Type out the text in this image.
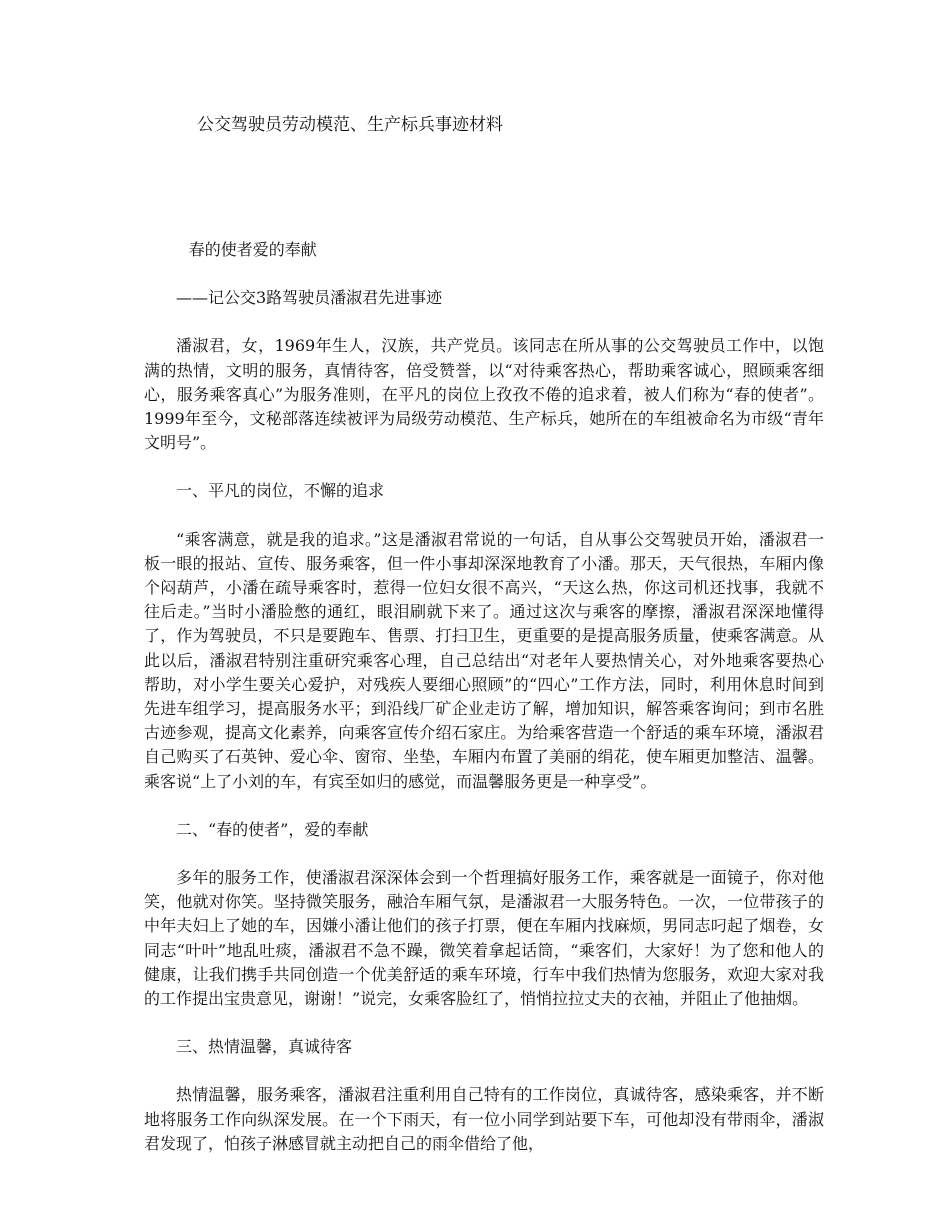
公交驾驶员劳动模范、生产标兵事迹材料

春的使者爱的奉献

——记公交3路驾驶员潘淑君先进事迹

潘淑君，女，1969年生人，汉族，共产党员。该同志在所从事的公交驾驶员工作中，以饱满的热情，文明的服务，真情待客，倍受赞誉，以“对待乘客热心，帮助乘客诚心，照顾乘客细心，服务乘客真心”为服务准则，在平凡的岗位上孜孜不倦的追求着，被人们称为“春的使者”。1999年至今，文秘部落连续被评为局级劳动模范、生产标兵，她所在的车组被命名为市级“青年文明号”。

一、平凡的岗位，不懈的追求

“乘客满意，就是我的追求。”这是潘淑君常说的一句话，自从事公交驾驶员开始，潘淑君一板一眼的报站、宣传、服务乘客，但一件小事却深深地教育了小潘。那天，天气很热，车厢内像个闷葫芦，小潘在疏导乘客时，惹得一位妇女很不高兴，“天这么热，你这司机还找事，我就不往后走。”当时小潘脸憋的通红，眼泪刷就下来了。通过这次与乘客的摩擦，潘淑君深深地懂得了，作为驾驶员，不只是要跑车、售票、打扫卫生，更重要的是提高服务质量，使乘客满意。从此以后，潘淑君特别注重研究乘客心理，自己总结出“对老年人要热情关心，对外地乘客要热心帮助，对小学生要关心爱护，对残疾人要细心照顾”的“四心”工作方法，同时，利用休息时间到先进车组学习，提高服务水平；到沿线厂矿企业走访了解，增加知识，解答乘客询问；到市名胜古迹参观，提高文化素养，向乘客宣传介绍石家庄。为给乘客营造一个舒适的乘车环境，潘淑君自己购买了石英钟、爱心伞、窗帘、坐垫，车厢内布置了美丽的绢花，使车厢更加整洁、温馨。乘客说“上了小刘的车，有宾至如归的感觉，而温馨服务更是一种享受”。

二、“春的使者”，爱的奉献

多年的服务工作，使潘淑君深深体会到一个哲理搞好服务工作，乘客就是一面镜子，你对他笑，他就对你笑。坚持微笑服务，融洽车厢气氛，是潘淑君一大服务特色。一次，一位带孩子的中年夫妇上了她的车，因嫌小潘让他们的孩子打票，便在车厢内找麻烦，男同志叼起了烟卷，女同志“叶叶”地乱吐痰，潘淑君不急不躁，微笑着拿起话筒，“乘客们，大家好！为了您和他人的健康，让我们携手共同创造一个优美舒适的乘车环境，行车中我们热情为您服务，欢迎大家对我的工作提出宝贵意见，谢谢！”说完，女乘客脸红了，悄悄拉拉丈夫的衣袖，并阻止了他抽烟。

三、热情温馨，真诚待客

热情温馨，服务乘客，潘淑君注重利用自己特有的工作岗位，真诚待客，感染乘客，并不断地将服务工作向纵深发展。在一个下雨天，有一位小同学到站要下车，可他却没有带雨伞，潘淑君发现了，怕孩子淋感冒就主动把自己的雨伞借给了他，
